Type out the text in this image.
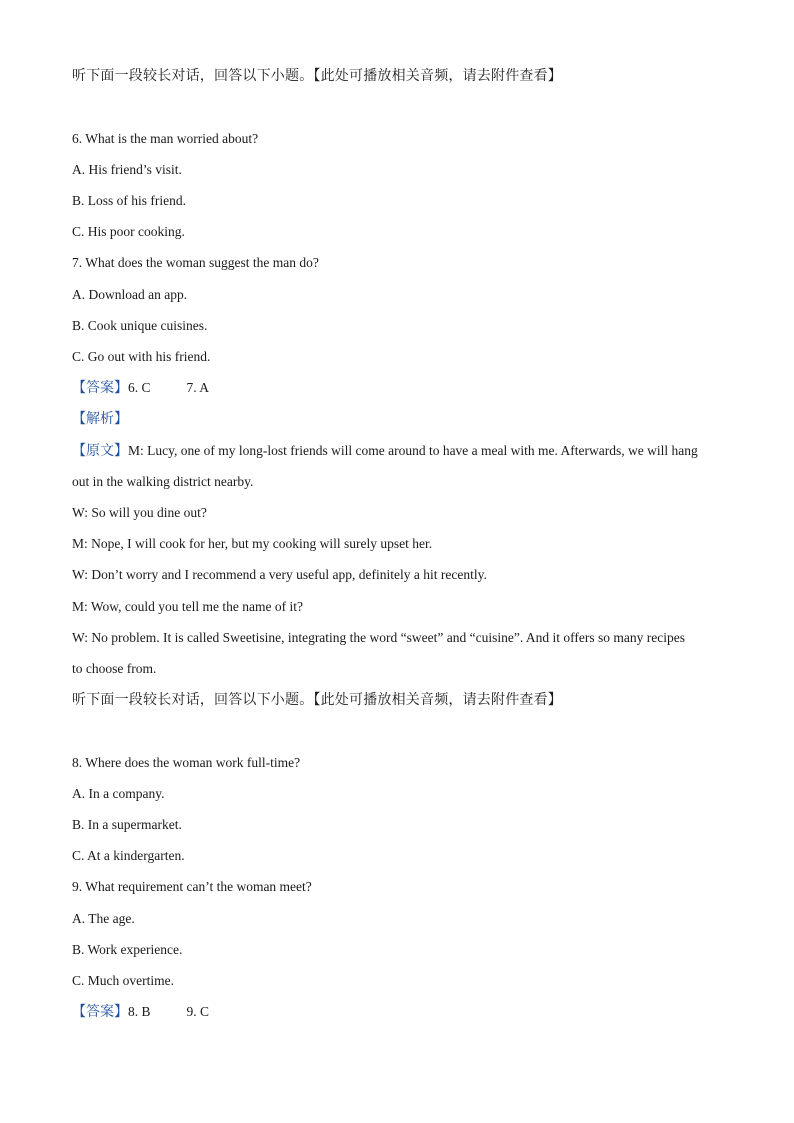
听下面一段较长对话，回答以下小题。【此处可播放相关音频，请去附件查看】
6. What is the man worried about?
A. His friend’s visit.
B. Loss of his friend.
C. His poor cooking.
7. What does the woman suggest the man do?
A. Download an app.
B. Cook unique cuisines.
C. Go out with his friend.
【答案】6. C	7. A
【解析】
【原文】M: Lucy, one of my long-lost friends will come around to have a meal with me. Afterwards, we will hang
out in the walking district nearby.
W: So will you dine out?
M: Nope, I will cook for her, but my cooking will surely upset her.
W: Don’t worry and I recommend a very useful app, definitely a hit recently.
M: Wow, could you tell me the name of it?
W: No problem. It is called Sweetisine, integrating the word “sweet” and “cuisine”. And it offers so many recipes
to choose from.
听下面一段较长对话，回答以下小题。【此处可播放相关音频，请去附件查看】
8. Where does the woman work full-time?
A. In a company.
B. In a supermarket.
C. At a kindergarten.
9. What requirement can’t the woman meet?
A. The age.
B. Work experience.
C. Much overtime.
【答案】8. B	9. C
